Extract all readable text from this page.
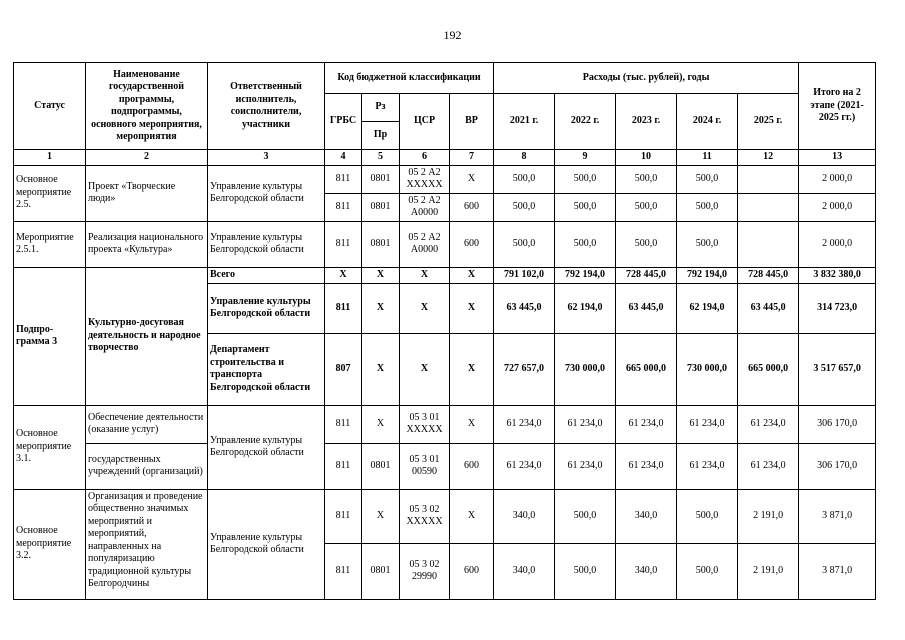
192
Статус	Наименование государственной программы, подпрограммы, основного мероприятия, мероприятия	Ответственный исполнитель, соисполнители, участники	Код бюджетной классификации				Расходы (тыс. рублей), годы					Итого на 2 этапе (2021-2025 гг.)
			ГРБС	Рз	ЦСР	ВР	2021 г.	2022 г.	2023 г.	2024 г.	2025 г.	
				Пр								
1	2	3	4	5	6	7	8	9	10	11	12	13
Основное мероприятие 2.5.	Проект «Творческие люди»	Управление культуры Белгородской области	811	0801	05 2 А2 ХХХХХ	Х	500,0	500,0	500,0	500,0		2 000,0
			811	0801	05 2 А2 А0000	600	500,0	500,0	500,0	500,0		2 000,0
Мероприятие 2.5.1.	Реализация национального проекта «Культура»	Управление культуры Белгородской области	811	0801	05 2 А2 А0000	600	500,0	500,0	500,0	500,0		2 000,0
Подпро-грамма 3	Культурно-досуговая деятельность и народное творчество	Всего	Х	Х	Х	Х	791 102,0	792 194,0	728 445,0	792 194,0	728 445,0	3 832 380,0
		Управление культуры Белгородской области	811	Х	Х	Х	63 445,0	62 194,0	63 445,0	62 194,0	63 445,0	314 723,0
		Департамент строительства и транспорта Белгородской области	807	Х	Х	Х	727 657,0	730 000,0	665 000,0	730 000,0	665 000,0	3 517 657,0
Основное мероприятие 3.1.	Обеспечение деятельности (оказание услуг)	Управление культуры Белгородской области	811	Х	05 3 01 ХХХХХ	Х	61 234,0	61 234,0	61 234,0	61 234,0	61 234,0	306 170,0
	государственных учреждений (организаций)		811	0801	05 3 01 00590	600	61 234,0	61 234,0	61 234,0	61 234,0	61 234,0	306 170,0
Основное мероприятие 3.2.	Организация и проведение общественно значимых мероприятий и мероприятий, направленных на популяризацию традиционной культуры Белгородчины	Управление культуры Белгородской области	811	Х	05 3 02 ХХХХХ	Х	340,0	500,0	340,0	500,0	2 191,0	3 871,0
			811	0801	05 3 02 29990	600	340,0	500,0	340,0	500,0	2 191,0	3 871,0
